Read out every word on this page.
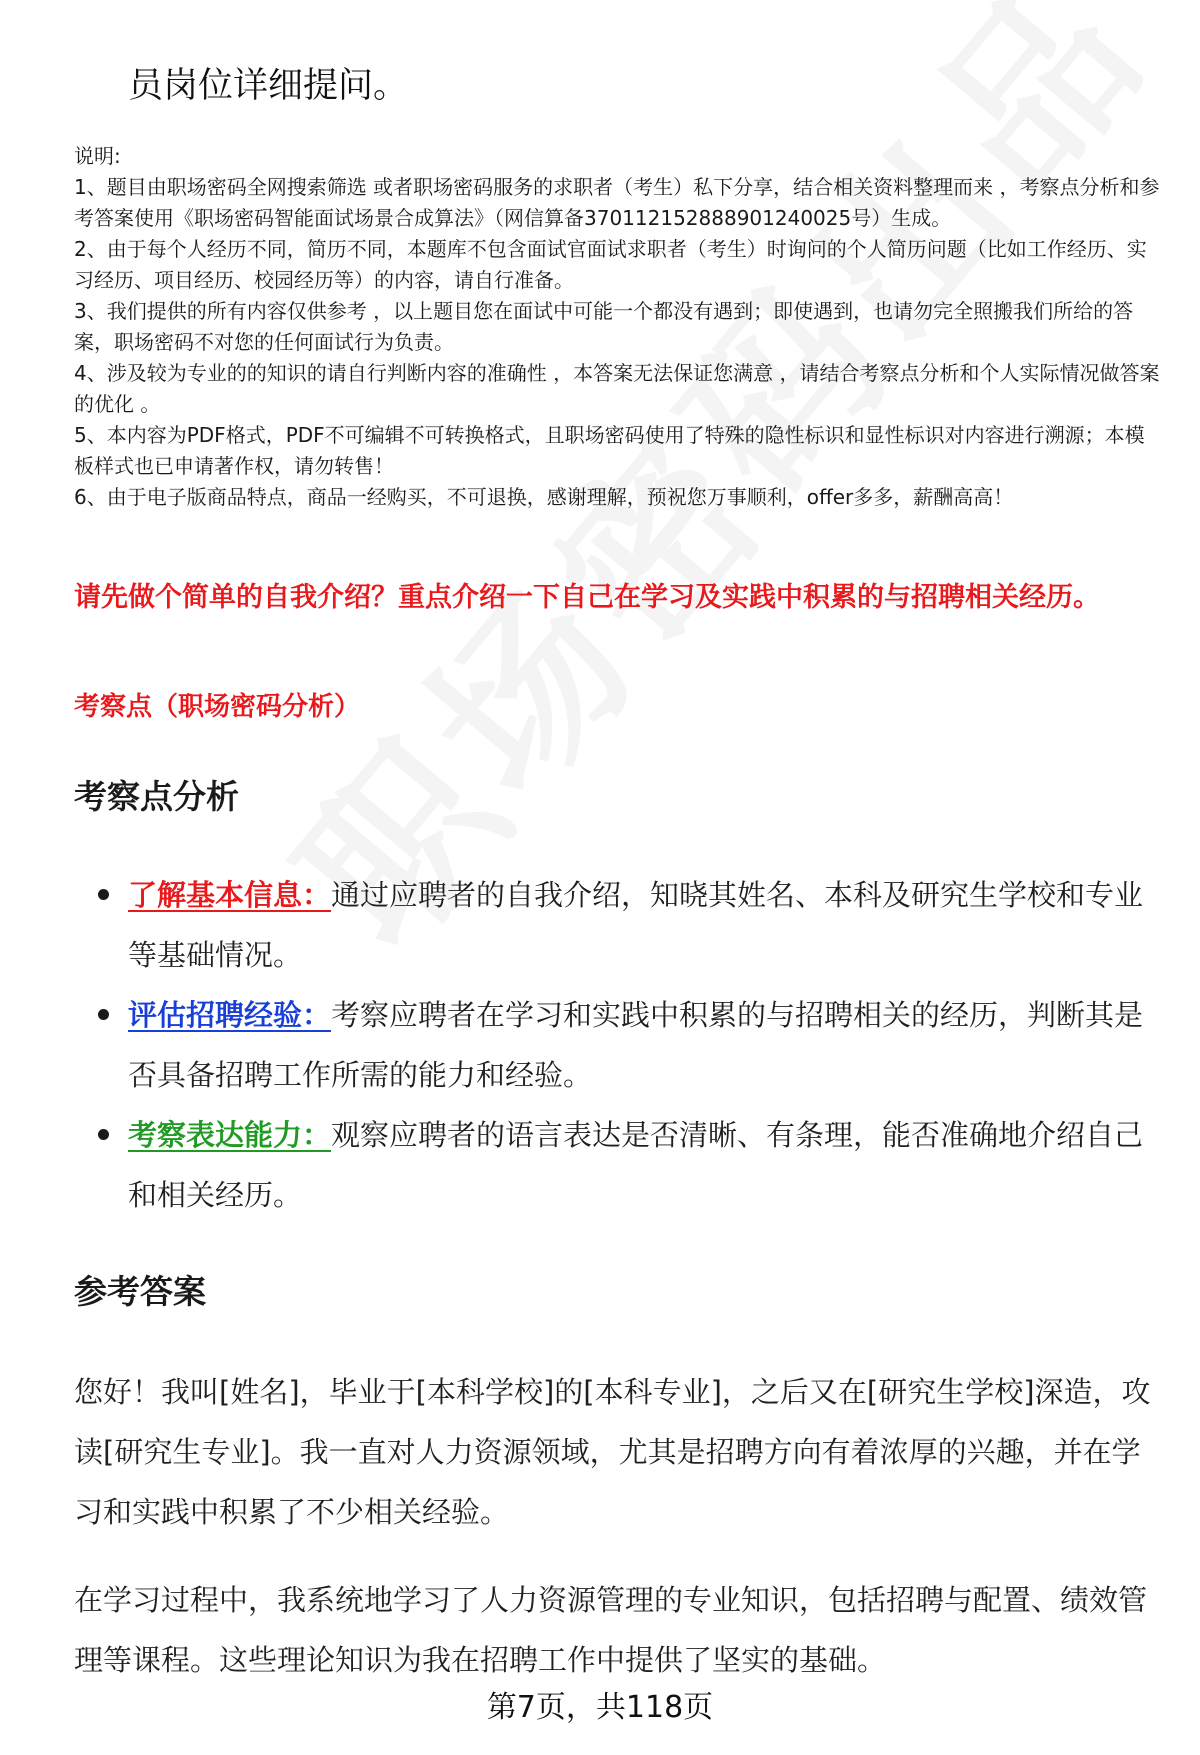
员岗位详细提问。

说明:

1、题目由职场密码全网搜索筛选 或者职场密码服务的求职者（考生）私下分享，结合相关资料整理而来 ，考察点分析和参考答案使用《职场密码智能面试场景合成算法》（网信算备370112152888901240025号）生成。

2、由于每个人经历不同，简历不同，本题库不包含面试官面试求职者（考生）时询问的个人简历问题（比如工作经历、实习经历、项目经历、校园经历等）的内容，请自行准备。

3、我们提供的所有内容仅供参考 ，以上题目您在面试中可能一个都没有遇到；即使遇到，也请勿完全照搬我们所给的答案，职场密码不对您的任何面试行为负责。

4、涉及较为专业的的知识的请自行判断内容的准确性 ，本答案无法保证您满意 ，请结合考察点分析和个人实际情况做答案的优化 。

5、本内容为PDF格式，PDF不可编辑不可转换格式，且职场密码使用了特殊的隐性标识和显性标识对内容进行溯源；本模板样式也已申请著作权，请勿转售！

6、由于电子版商品特点，商品一经购买，不可退换，感谢理解，预祝您万事顺利，offer多多，薪酬高高！

请先做个简单的自我介绍？重点介绍一下自己在学习及实践中积累的与招聘相关经历。

考察点（职场密码分析）

考察点分析
了解基本信息：通过应聘者的自我介绍，知晓其姓名、本科及研究生学校和专业等基础情况。
评估招聘经验：考察应聘者在学习和实践中积累的与招聘相关的经历，判断其是否具备招聘工作所需的能力和经验。
考察表达能力：观察应聘者的语言表达是否清晰、有条理，能否准确地介绍自己和相关经历。
参考答案

您好！我叫[姓名]，毕业于[本科学校]的[本科专业]，之后又在[研究生学校]深造，攻读[研究生专业]。我一直对人力资源领域，尤其是招聘方向有着浓厚的兴趣，并在学习和实践中积累了不少相关经验。

在学习过程中，我系统地学习了人力资源管理的专业知识，包括招聘与配置、绩效管理等课程。这些理论知识为我在招聘工作中提供了坚实的基础。

第7页，共118页
